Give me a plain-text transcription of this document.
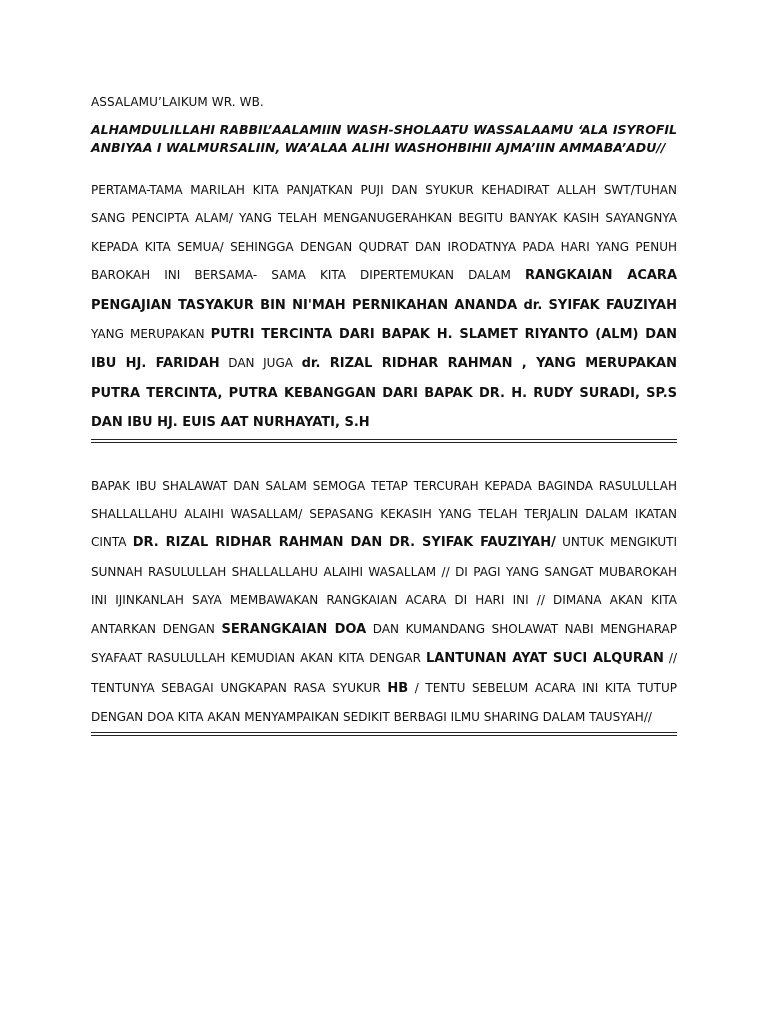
ASSALAMU’LAIKUM WR. WB.

ALHAMDULILLAHI RABBIL’AALAMIIN WASH-SHOLAATU WASSALAAMU ‘ALA ISYROFIL ANBIYAA I WALMURSALIIN, WA’ALAA ALIHI WASHOHBIHII AJMA’IIN AMMABA’ADU//

PERTAMA-TAMA MARILAH KITA PANJATKAN PUJI DAN SYUKUR KEHADIRAT ALLAH SWT/TUHAN SANG PENCIPTA ALAM/ YANG TELAH MENGANUGERAHKAN BEGITU BANYAK KASIH SAYANGNYA KEPADA KITA SEMUA/ SEHINGGA DENGAN QUDRAT DAN IRODATNYA PADA HARI YANG PENUH BAROKAH INI BERSAMA- SAMA KITA DIPERTEMUKAN DALAM RANGKAIAN ACARA PENGAJIAN TASYAKUR BIN NI'MAH PERNIKAHAN ANANDA dr. SYIFAK FAUZIYAH YANG MERUPAKAN PUTRI TERCINTA DARI BAPAK H. SLAMET RIYANTO (ALM) DAN IBU HJ. FARIDAH DAN JUGA dr. RIZAL RIDHAR RAHMAN , YANG MERUPAKAN PUTRA TERCINTA, PUTRA KEBANGGAN DARI BAPAK DR. H. RUDY SURADI, SP.S DAN IBU HJ. EUIS AAT NURHAYATI, S.H

BAPAK IBU SHALAWAT DAN SALAM SEMOGA TETAP TERCURAH KEPADA BAGINDA RASULULLAH SHALLALLAHU ALAIHI WASALLAM/ SEPASANG KEKASIH YANG TELAH TERJALIN DALAM IKATAN CINTA DR. RIZAL RIDHAR RAHMAN DAN DR. SYIFAK FAUZIYAH/ UNTUK MENGIKUTI SUNNAH RASULULLAH SHALLALLAHU ALAIHI WASALLAM // DI PAGI YANG SANGAT MUBAROKAH INI IJINKANLAH SAYA MEMBAWAKAN RANGKAIAN ACARA DI HARI INI // DIMANA AKAN KITA ANTARKAN DENGAN SERANGKAIAN DOA DAN KUMANDANG SHOLAWAT NABI MENGHARAP SYAFAAT RASULULLAH KEMUDIAN AKAN KITA DENGAR LANTUNAN AYAT SUCI ALQURAN // TENTUNYA SEBAGAI UNGKAPAN RASA SYUKUR HB / TENTU SEBELUM ACARA INI KITA TUTUP DENGAN DOA KITA AKAN MENYAMPAIKAN SEDIKIT BERBAGI ILMU SHARING DALAM TAUSYAH//
